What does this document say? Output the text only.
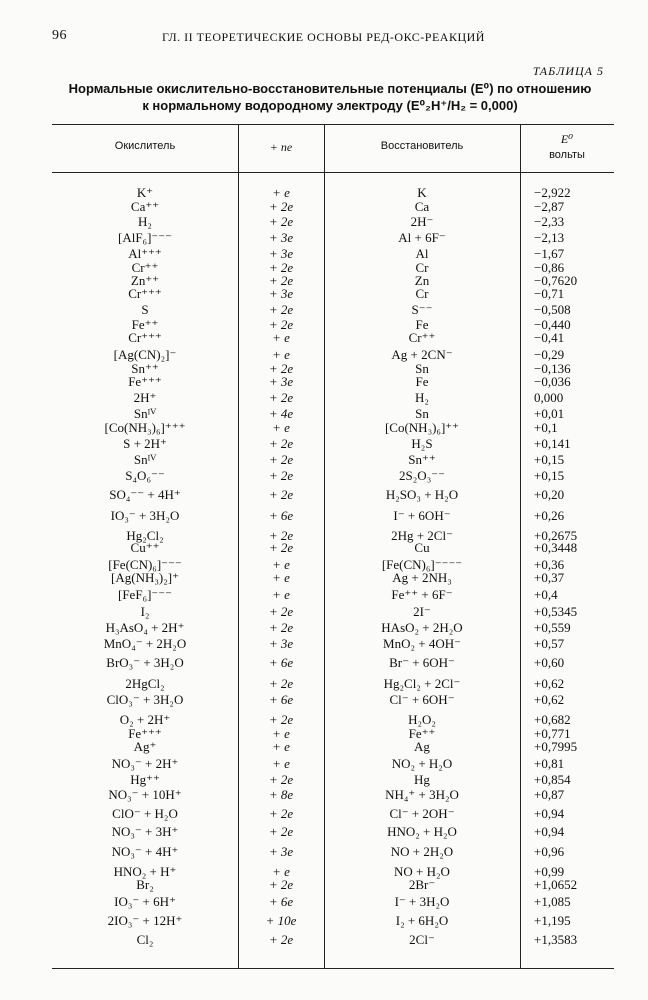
96	ГЛ. II ТЕОРЕТИЧЕСКИЕ ОСНОВЫ РЕД-ОКС-РЕАКЦИЙ
ТАБЛИЦА 5
Нормальные окислительно-восстановительные потенциалы (E⁰) по отношению
к нормальному водородному электроду (E⁰₂H⁺/H₂ = 0,000)
Окислитель	+ ne	Восстановитель	E⁰
вольты
K⁺	+ e	K	−2,922
Ca⁺⁺	+ 2e	Ca	−2,87
H₂	+ 2e	2H⁻	−2,33
[AlF₆]⁻⁻⁻	+ 3e	Al + 6F⁻	−2,13
Al⁺⁺⁺	+ 3e	Al	−1,67
Cr⁺⁺	+ 2e	Cr	−0,86
Zn⁺⁺	+ 2e	Zn	−0,7620
Cr⁺⁺⁺	+ 3e	Cr	−0,71
S	+ 2e	S⁻⁻	−0,508
Fe⁺⁺	+ 2e	Fe	−0,440
Cr⁺⁺⁺	+ e	Cr⁺⁺	−0,41
[Ag(CN)₂]⁻	+ e	Ag + 2CN⁻	−0,29
Sn⁺⁺	+ 2e	Sn	−0,136
Fe⁺⁺⁺	+ 3e	Fe	−0,036
2H⁺	+ 2e	H₂	0,000
Snᴵⱽ	+ 4e	Sn	+0,01
[Co(NH₃)₆]⁺⁺⁺	+ e	[Co(NH₃)₆]⁺⁺	+0,1
S + 2H⁺	+ 2e	H₂S	+0,141
Snᴵⱽ	+ 2e	Sn⁺⁺	+0,15
S₄O₆⁻⁻	+ 2e	2S₂O₃⁻⁻	+0,15
SO₄⁻⁻ + 4H⁺	+ 2e	H₂SO₃ + H₂O	+0,20
IO₃⁻ + 3H₂O	+ 6e	I⁻ + 6OH⁻	+0,26
Hg₂Cl₂	+ 2e	2Hg + 2Cl⁻	+0,2675
Cu⁺⁺	+ 2e	Cu	+0,3448
[Fe(CN)₆]⁻⁻⁻	+ e	[Fe(CN)₆]⁻⁻⁻⁻	+0,36
[Ag(NH₃)₂]⁺	+ e	Ag + 2NH₃	+0,37
[FeF₆]⁻⁻⁻	+ e	Fe⁺⁺ + 6F⁻	+0,4
I₂	+ 2e	2I⁻	+0,5345
H₃AsO₄ + 2H⁺	+ 2e	HAsO₂ + 2H₂O	+0,559
MnO₄⁻ + 2H₂O	+ 3e	MnO₂ + 4OH⁻	+0,57
BrO₃⁻ + 3H₂O	+ 6e	Br⁻ + 6OH⁻	+0,60
2HgCl₂	+ 2e	Hg₂Cl₂ + 2Cl⁻	+0,62
ClO₃⁻ + 3H₂O	+ 6e	Cl⁻ + 6OH⁻	+0,62
O₂ + 2H⁺	+ 2e	H₂O₂	+0,682
Fe⁺⁺⁺	+ e	Fe⁺⁺	+0,771
Ag⁺	+ e	Ag	+0,7995
NO₃⁻ + 2H⁺	+ e	NO₂ + H₂O	+0,81
Hg⁺⁺	+ 2e	Hg	+0,854
NO₃⁻ + 10H⁺	+ 8e	NH₄⁺ + 3H₂O	+0,87
ClO⁻ + H₂O	+ 2e	Cl⁻ + 2OH⁻	+0,94
NO₃⁻ + 3H⁺	+ 2e	HNO₂ + H₂O	+0,94
NO₃⁻ + 4H⁺	+ 3e	NO + 2H₂O	+0,96
HNO₂ + H⁺	+ e	NO + H₂O	+0,99
Br₂	+ 2e	2Br⁻	+1,0652
IO₃⁻ + 6H⁺	+ 6e	I⁻ + 3H₂O	+1,085
2IO₃⁻ + 12H⁺	+ 10e	I₂ + 6H₂O	+1,195
Cl₂	+ 2e	2Cl⁻	+1,3583
